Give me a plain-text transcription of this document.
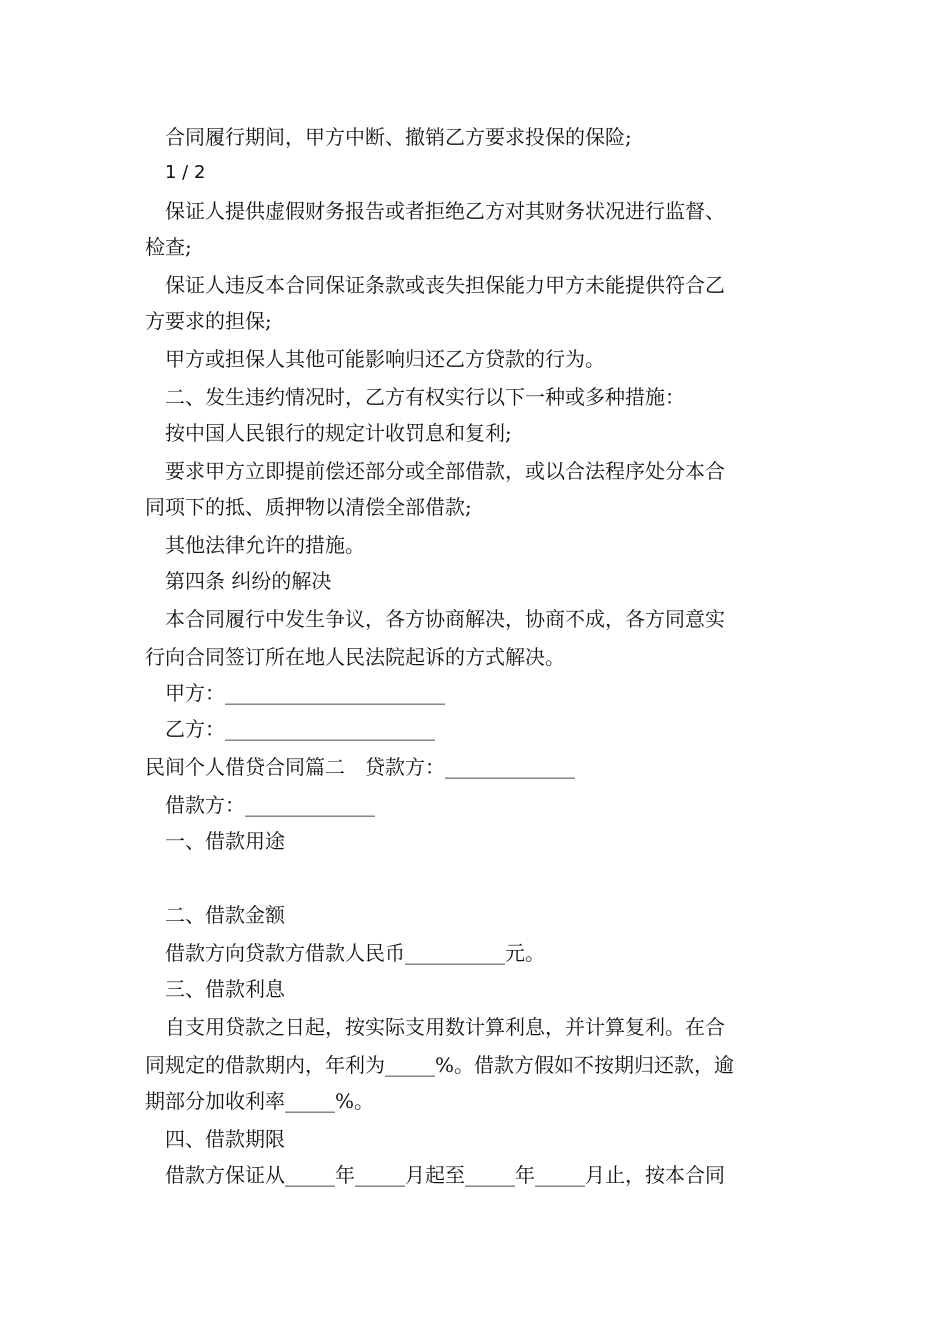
　合同履行期间，甲方中断、撤销乙方要求投保的保险;
1 / 2
　保证人提供虚假财务报告或者拒绝乙方对其财务状况进行监督、
检查;
　保证人违反本合同保证条款或丧失担保能力甲方未能提供符合乙
方要求的担保;
　甲方或担保人其他可能影响归还乙方贷款的行为。
　二、发生违约情况时，乙方有权实行以下一种或多种措施：
　按中国人民银行的规定计收罚息和复利;
　要求甲方立即提前偿还部分或全部借款，或以合法程序处分本合
同项下的抵、质押物以清偿全部借款;
　其他法律允许的措施。
　第四条 纠纷的解决
　本合同履行中发生争议，各方协商解决，协商不成，各方同意实
行向合同签订所在地人民法院起诉的方式解决。
　甲方：______________________
　乙方：_____________________
民间个人借贷合同篇二　贷款方：_____________
　借款方：_____________
　一、借款用途
　二、借款金额
　借款方向贷款方借款人民币__________元。
　三、借款利息
　自支用贷款之日起，按实际支用数计算利息，并计算复利。在合
同规定的借款期内，年利为_____%。借款方假如不按期归还款，逾
期部分加收利率_____%。
　四、借款期限
　借款方保证从_____年_____月起至_____年_____月止，按本合同
